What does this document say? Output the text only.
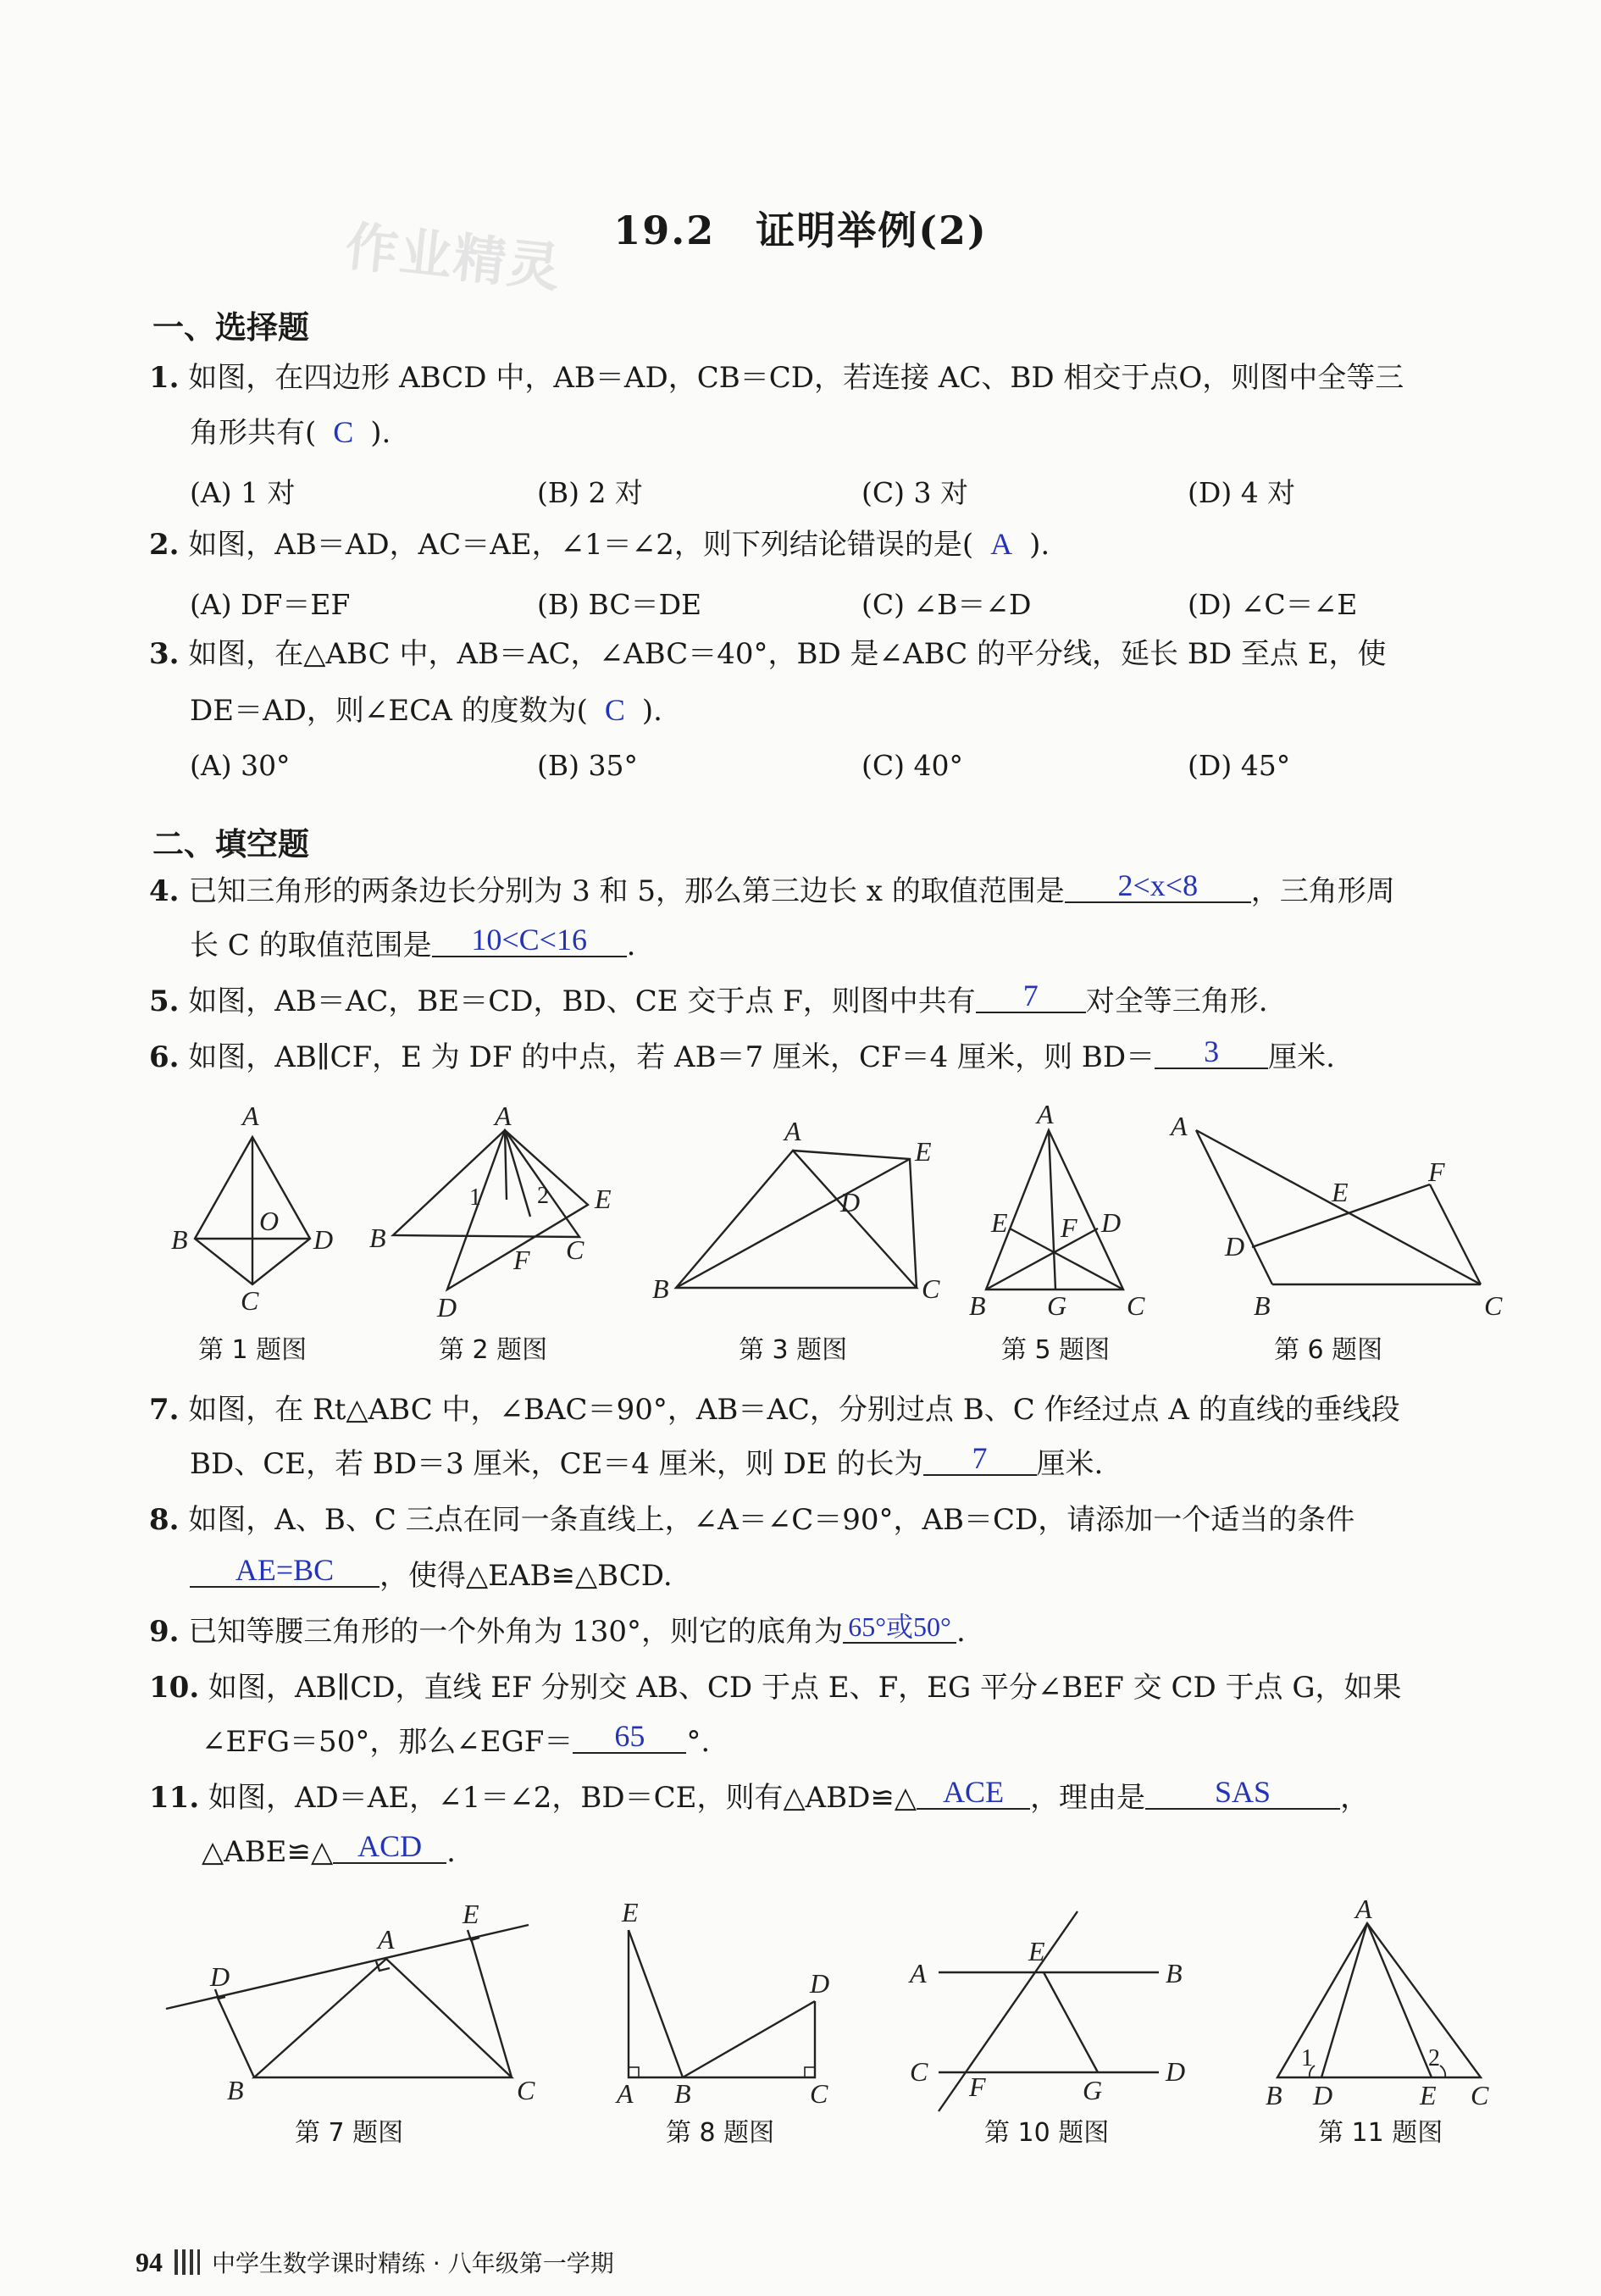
作业精灵	19.2　证明举例(2)
一、选择题
1. 如图，在四边形 ABCD 中，AB＝AD，CB＝CD，若连接 AC、BD 相交于点O，则图中全等三
角形共有( C ).
(A) 1 对	(B) 2 对	(C) 3 对	(D) 4 对
2. 如图，AB＝AD，AC＝AE，∠1＝∠2，则下列结论错误的是( A ).
(A) DF＝EF	(B) BC＝DE	(C) ∠B＝∠D	(D) ∠C＝∠E
3. 如图，在△ABC 中，AB＝AC，∠ABC＝40°，BD 是∠ABC 的平分线，延长 BD 至点 E，使
DE＝AD，则∠ECA 的度数为( C ).
(A) 30°	(B) 35°	(C) 40°	(D) 45°
二、填空题
4. 已知三角形的两条边长分别为 3 和 5，那么第三边长 x 的取值范围是 2<x<8 ，三角形周
长 C 的取值范围是 10<C<16 .
5. 如图，AB＝AC，BE＝CD，BD、CE 交于点 F，则图中共有 7 对全等三角形.
6. 如图，AB∥CF，E 为 DF 的中点，若 AB＝7 厘米，CF＝4 厘米，则 BD＝ 3 厘米.
A
B	D
O
C
A
B	C
D
E
F
1 2
A
E
D
B	C
A
E	D
F
B G C
A
F
E
D
B	C
第 1 题图	第 2 题图	第 3 题图	第 5 题图	第 6 题图
7. 如图，在 Rt△ABC 中，∠BAC＝90°，AB＝AC，分别过点 B、C 作经过点 A 的直线的垂线段
BD、CE，若 BD＝3 厘米，CE＝4 厘米，则 DE 的长为 7 厘米.
8. 如图，A、B、C 三点在同一条直线上，∠A＝∠C＝90°，AB＝CD，请添加一个适当的条件
AE=BC ，使得△EAB≌△BCD.
9. 已知等腰三角形的一个外角为 130°，则它的底角为 65°或50° .
10. 如图，AB∥CD，直线 EF 分别交 AB、CD 于点 E、F，EG 平分∠BEF 交 CD 于点 G，如果
∠EFG＝50°，那么∠EGF＝ 65 °.
11. 如图，AD＝AE，∠1＝∠2，BD＝CE，则有△ABD≌△ ACE ，理由是 SAS ，
△ABE≌△ ACD .
A
D
E
B	C
E
D
A B	C
A	B
E
C	D
F	G
A
1	2
B D	E C
第 7 题图	第 8 题图	第 10 题图	第 11 题图
94 中学生数学课时精练 · 八年级第一学期
